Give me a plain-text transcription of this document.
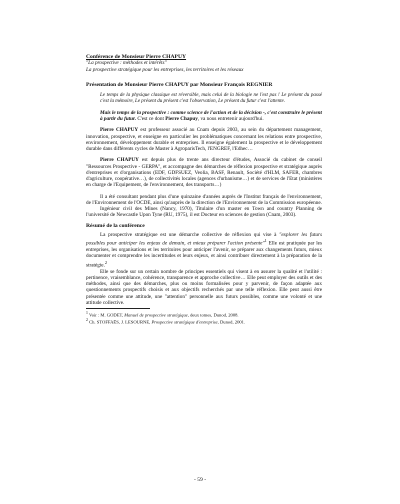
Conférence de Monsieur Pierre CHAPUY

"La prospective : méthodes et intérêts"

La prospective stratégique pour les entreprises, les territoires et les réseaux

Présentation de Monsieur Pierre CHAPUY par Monsieur François REGNIER

Le temps de la physique classique est réversible, mais celui de la biologie ne l'est pas ! Le présent du passé c'est la mémoire, Le présent du présent c'est l'observation, Le présent du futur c'est l'attente.

Mais le temps de la prospective : comme science de l'action et de la décision -, c'est construire le présent à partir du futur. C'est ce dont Pierre Chapuy, va nous entretenir aujourd'hui.

Pierre CHAPUY est professeur associé au Cnam depuis 2003, au sein du département management, innovation, prospective, et enseigne en particulier les problématiques concernant les relations entre prospective, environnement, développement durable et entreprises. Il enseigne également la prospective et le développement durable dans différents cycles de Master à AgroparisTech, l'ENGREF, l'Edhec…

Pierre CHAPUY est depuis plus de trente ans directeur d'études, Associé du cabinet de conseil "Ressources Prospective - GERPA", et accompagne des démarches de réflexion prospective et stratégique auprès d'entreprises et d'organisations (EDF, GDFSUEZ, Veolia, BASF, Renault, Société d'HLM, SAFER, chambres d'agriculture, coopérative…), de collectivités locales (agences d'urbanisme…) et de services de l'Etat (ministères en charge de l'Equipement, de l'environnement, des transports…)

Il a été consultant pendant plus d'une quinzaine d'années auprès de l'Institut français de l'environnement, de l'Environnement de l'OCDE, ainsi qu'auprès de la direction de l'Environnement de la Commission européenne.

Ingénieur civil des Mines (Nancy, 1970), Titulaire d'un master en Town and country Planning de l'université de Newcastle Upon Tyne (RU, 1975), il est Docteur en sciences de gestion (Cnam, 2003).

Résumé de la conférence

La prospective stratégique est une démarche collective de réflexion qui vise à "explorer les futurs possibles pour anticiper les enjeux de demain, et mieux préparer l'action présente"$^1$ Elle est pratiquée par les entreprises, les organisations et les territoires pour anticiper l'avenir, se préparer aux changements futurs, mieux documenter et comprendre les incertitudes et leurs enjeux, et ainsi contribuer directement à la préparation de la stratégie.$^2$

Elle se fonde sur un certain nombre de principes essentiels qui visent à en assurer la qualité et l'utilité : pertinence, vraisemblance, cohérence, transparence et approche collective… Elle peut employer des outils et des méthodes, ainsi que des démarches, plus ou moins formalisées pour y parvenir, de façon adaptée aux questionnements prospectifs choisis et aux objectifs recherchés par une telle réflexion. Elle peut aussi être présentée comme une attitude, une "attention" personnelle aux futurs possibles, comme une volonté et une attitude collective.

$^1$ Voir : M. GODET, Manuel de prospective stratégique, deux tomes, Dunod, 2008.

$^2$ Ch. STOFFAËS, J. LESOURNE, Prospective stratégique d'entreprise, Dunod, 2001.

- 59 -
